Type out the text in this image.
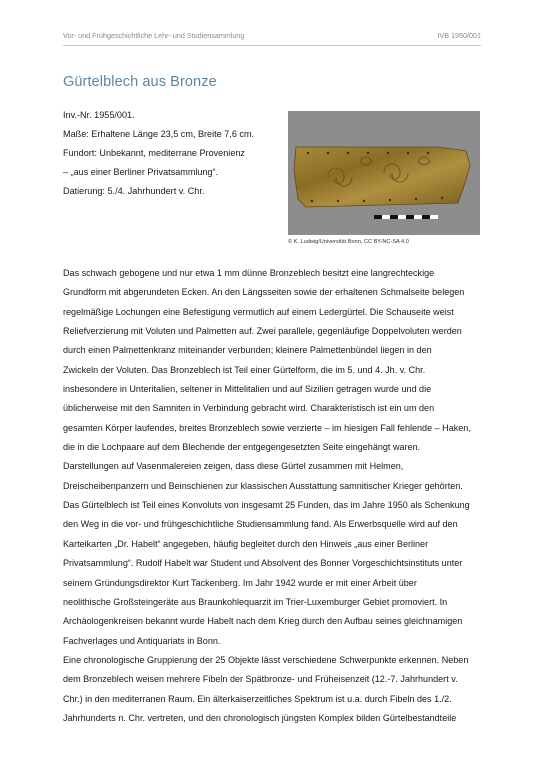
Vor- und Frühgeschichtliche Lehr- und Studiensammlung	IVB 1950/001
Gürtelblech aus Bronze
Inv.-Nr. 1955/001.
Maße: Erhaltene Länge 23,5 cm, Breite 7,6 cm.
Fundort: Unbekannt, mediterrane Provenienz
– „aus einer Berliner Privatsammlung“.
Datierung: 5./4. Jahrhundert v. Chr.
© K. Ludwig/Universität Bonn, CC BY-NC-SA 4.0
Das schwach gebogene und nur etwa 1 mm dünne Bronzeblech besitzt eine langrechteckige
Grundform mit abgerundeten Ecken. An den Längsseiten sowie der erhaltenen Schmalseite belegen
regelmäßige Lochungen eine Befestigung vermutlich auf einem Ledergürtel. Die Schauseite weist
Reliefverzierung mit Voluten und Palmetten auf. Zwei parallele, gegenläufige Doppelvoluten werden
durch einen Palmettenkranz miteinander verbunden; kleinere Palmettenbündel liegen in den
Zwickeln der Voluten. Das Bronzeblech ist Teil einer Gürtelform, die im 5. und 4. Jh. v. Chr.
insbesondere in Unteritalien, seltener in Mittelitalien und auf Sizilien getragen wurde und die
üblicherweise mit den Samniten in Verbindung gebracht wird. Charakteristisch ist ein um den
gesamten Körper laufendes, breites Bronzeblech sowie verzierte – im hiesigen Fall fehlende – Haken,
die in die Lochpaare auf dem Blechende der entgegengesetzten Seite eingehängt waren.
Darstellungen auf Vasenmalereien zeigen, dass diese Gürtel zusammen mit Helmen,
Dreischeibenpanzern und Beinschienen zur klassischen Ausstattung samnitischer Krieger gehörten.
Das Gürtelblech ist Teil eines Konvoluts von insgesamt 25 Funden, das im Jahre 1950 als Schenkung
den Weg in die vor- und frühgeschichtliche Studiensammlung fand. Als Erwerbsquelle wird auf den
Karteikarten „Dr. Habelt“ angegeben, häufig begleitet durch den Hinweis „aus einer Berliner
Privatsammlung“. Rudolf Habelt war Student und Absolvent des Bonner Vorgeschichtsinstituts unter
seinem Gründungsdirektor Kurt Tackenberg. Im Jahr 1942 wurde er mit einer Arbeit über
neolithische Großsteingeräte aus Braunkohlequarzit im Trier-Luxemburger Gebiet promoviert. In
Archäologenkreisen bekannt wurde Habelt nach dem Krieg durch den Aufbau seines gleichnamigen
Fachverlages und Antiquariats in Bonn.
Eine chronologische Gruppierung der 25 Objekte lässt verschiedene Schwerpunkte erkennen. Neben
dem Bronzeblech weisen mehrere Fibeln der Spätbronze- und Früheisenzeit (12.-7. Jahrhundert v.
Chr.) in den mediterranen Raum. Ein älterkaiserzeitliches Spektrum ist u.a. durch Fibeln des 1./2.
Jahrhunderts n. Chr. vertreten, und den chronologisch jüngsten Komplex bilden Gürtelbestandteile
